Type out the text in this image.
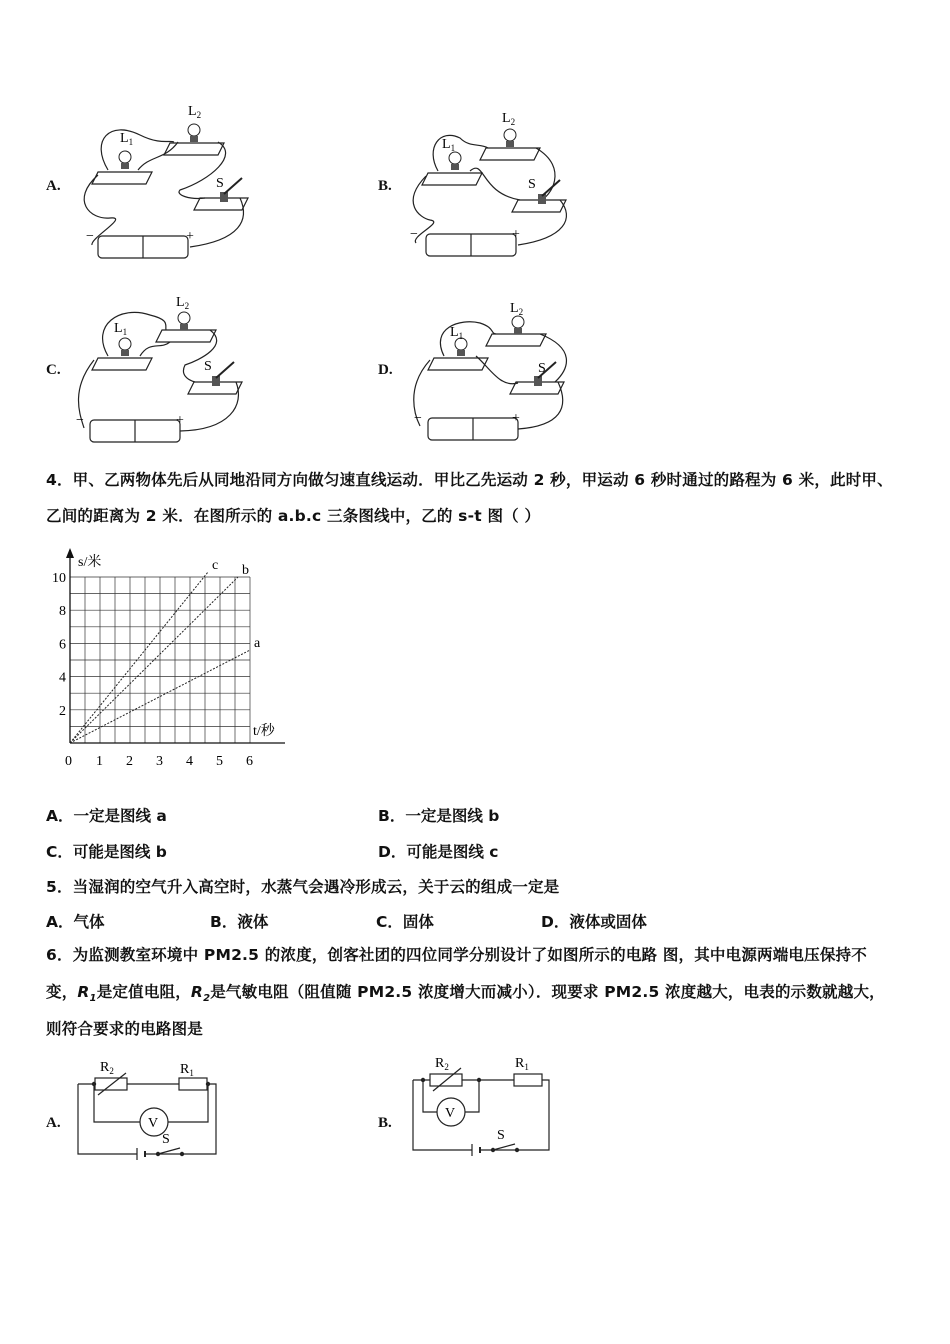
A.	B.
C.	D.
$L_1$
$L_2$
S
−	+
$L_1$
$L_2$
S
−	+
$L_1$
$L_2$
S
−	+
$L_1$
$L_2$
S
−	+
4．甲、乙两物体先后从同地沿同方向做匀速直线运动．甲比乙先运动 2 秒，甲运动 6 秒时通过的路程为 6 米，此时甲、
乙间的距离为 2 米．在图所示的 a.b.c 三条图线中，乙的 s-t 图（ ）
a
b
c
0 1 2 3 4 5 6
2
4
6
8
10
s/米
t/秒
A．一定是图线 a	B．一定是图线 b
C．可能是图线 b	D．可能是图线 c
5．当湿润的空气升入高空时，水蒸气会遇冷形成云，关于云的组成一定是
A．气体	B．液体	C．固体	D．液体或固体
6．为监测教室环境中 PM2.5 的浓度，创客社团的四位同学分别设计了如图所示的电路 图，其中电源两端电压保持不
变，$R_1$是定值电阻，$R_2$是气敏电阻（阻值随 PM2.5 浓度增大而减小）．现要求 PM2.5 浓度越大，电表的示数就越大，
则符合要求的电路图是
A.	B.
V
$R_2$	$R_1$
S
V
$R_2$	$R_1$
S
